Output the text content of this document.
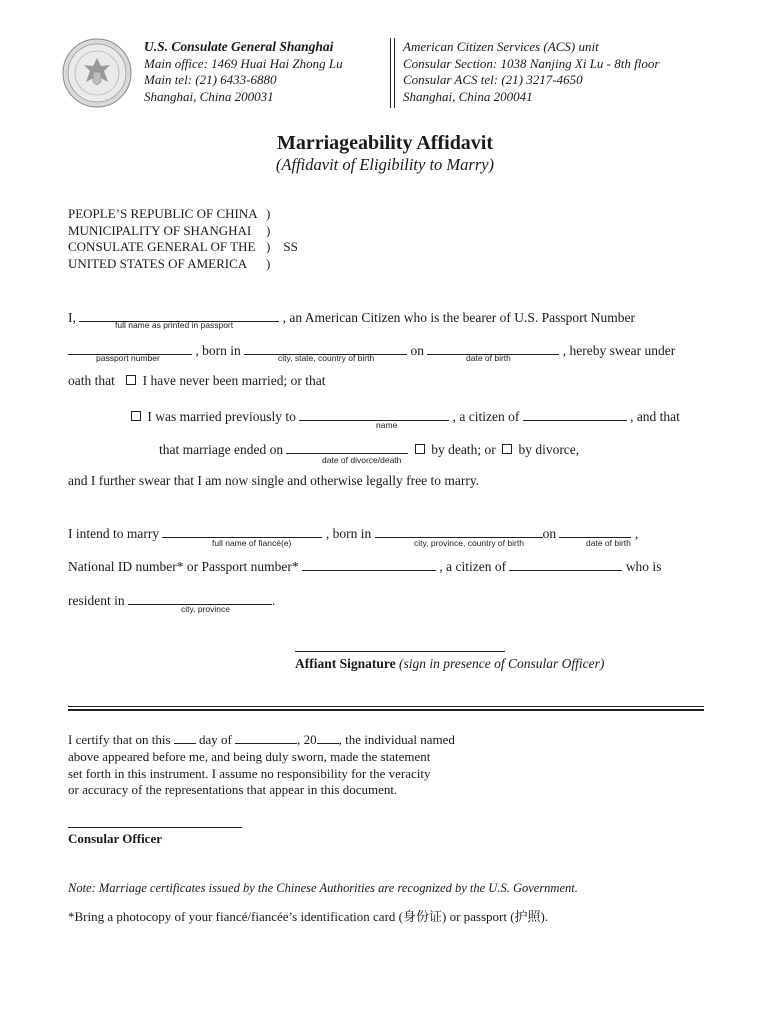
U.S. Consulate General Shanghai
Main office: 1469 Huai Hai Zhong Lu
Main tel: (21) 6433-6880
Shanghai, China 200031
American Citizen Services (ACS) unit
Consular Section: 1038 Nanjing Xi Lu - 8th floor
Consular ACS tel: (21) 3217-4650
Shanghai, China 200041
Marriageability Affidavit
(Affidavit of Eligibility to Marry)
PEOPLE’S REPUBLIC OF CHINA
MUNICIPALITY OF SHANGHAI
CONSULATE GENERAL OF THE
UNITED STATES OF AMERICA
)
)
) SS
)
I,	, an American Citizen who is the bearer of U.S. Passport Number
full name as printed in passport
, born in	on	, hereby swear under
passport number	city, state, country of birth	date of birth
oath that I have never been married; or that
I was married previously to	, a citizen of	, and that
name
that marriage ended on	by death; or by divorce,
date of divorce/death
and I further swear that I am now single and otherwise legally free to marry.
I intend to marry	, born in	on	,
full name of fiancé(e)	city, province, country of birth	date of birth
National ID number* or Passport number*	, a citizen of	who is
resident in	.
city, province
Affiant Signature (sign in presence of Consular Officer)
I certify that on this day of	, 20 , the individual named
above appeared before me, and being duly sworn, made the statement
set forth in this instrument. I assume no responsibility for the veracity
or accuracy of the representations that appear in this document.
Consular Officer
Note: Marriage certificates issued by the Chinese Authorities are recognized by the U.S. Government.
*Bring a photocopy of your fiancé/fiancée’s identification card (身份证) or passport (护照).
